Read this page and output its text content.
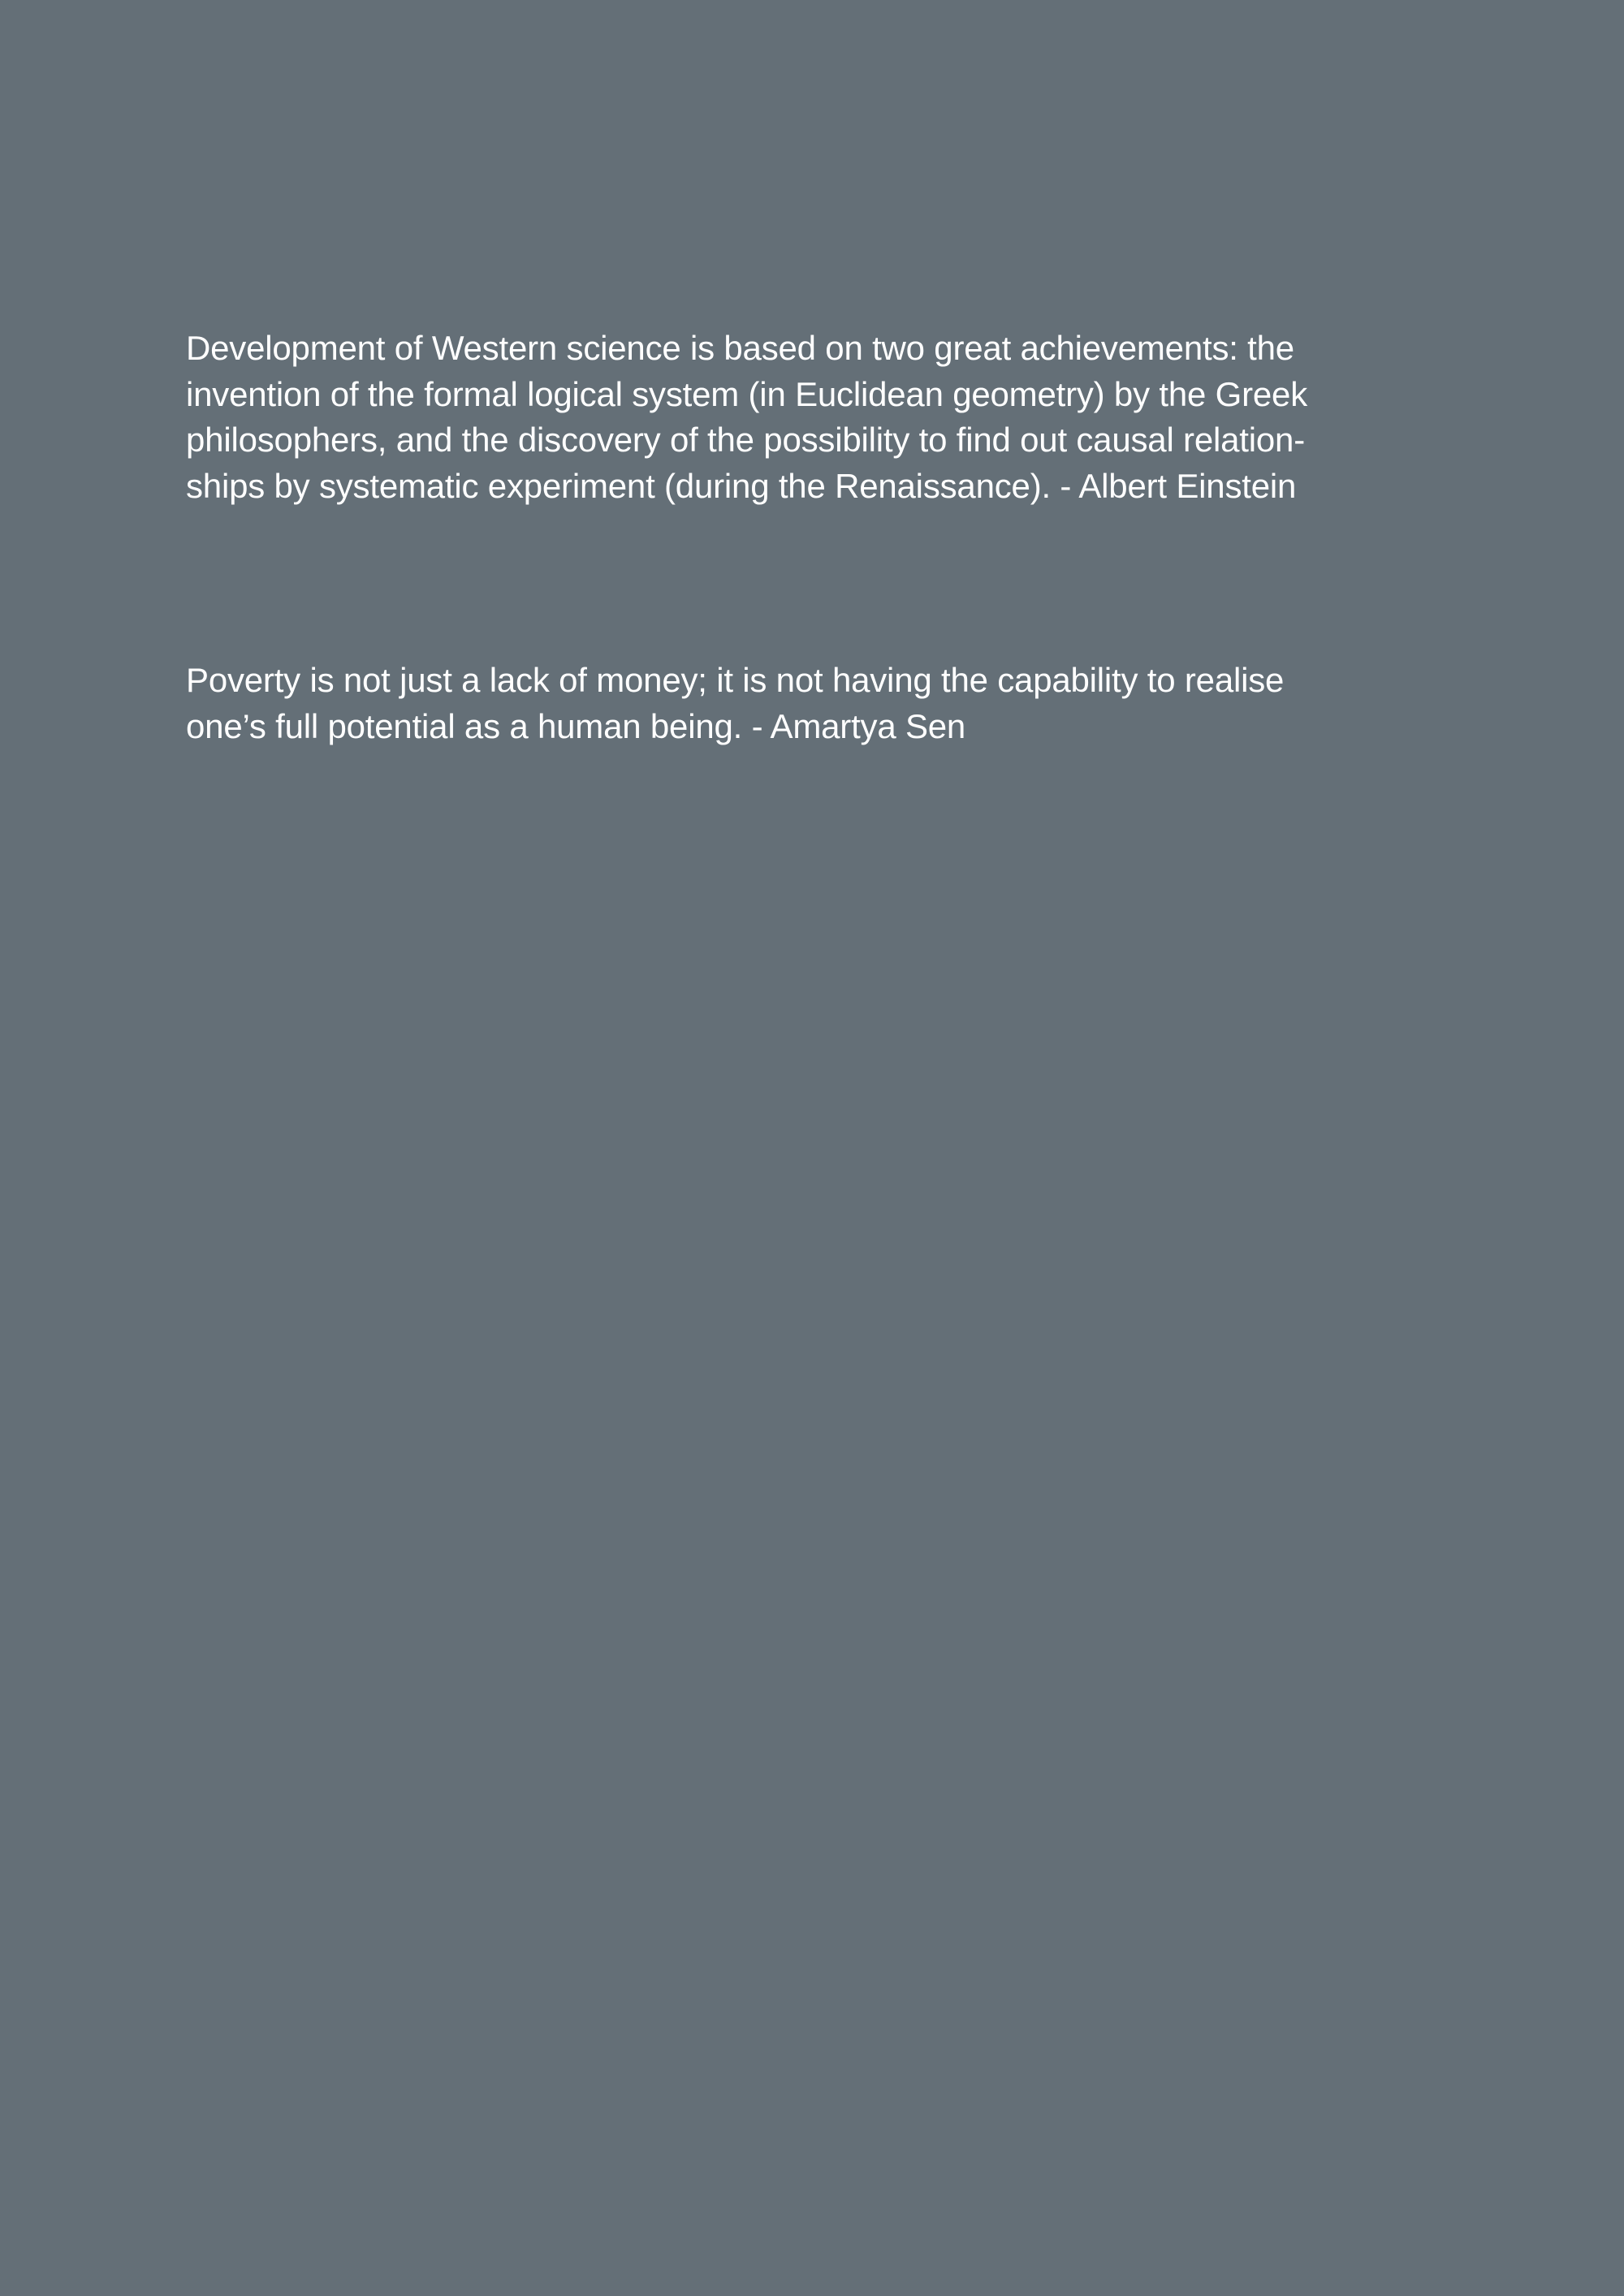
Development of Western science is based on two great achievements: the
invention of the formal logical system (in Euclidean geometry) by the Greek
philosophers, and the discovery of the possibility to find out causal relation-
ships by systematic experiment (during the Renaissance). - Albert Einstein

Poverty is not just a lack of money; it is not having the capability to realise
one’s full potential as a human being. - Amartya Sen
